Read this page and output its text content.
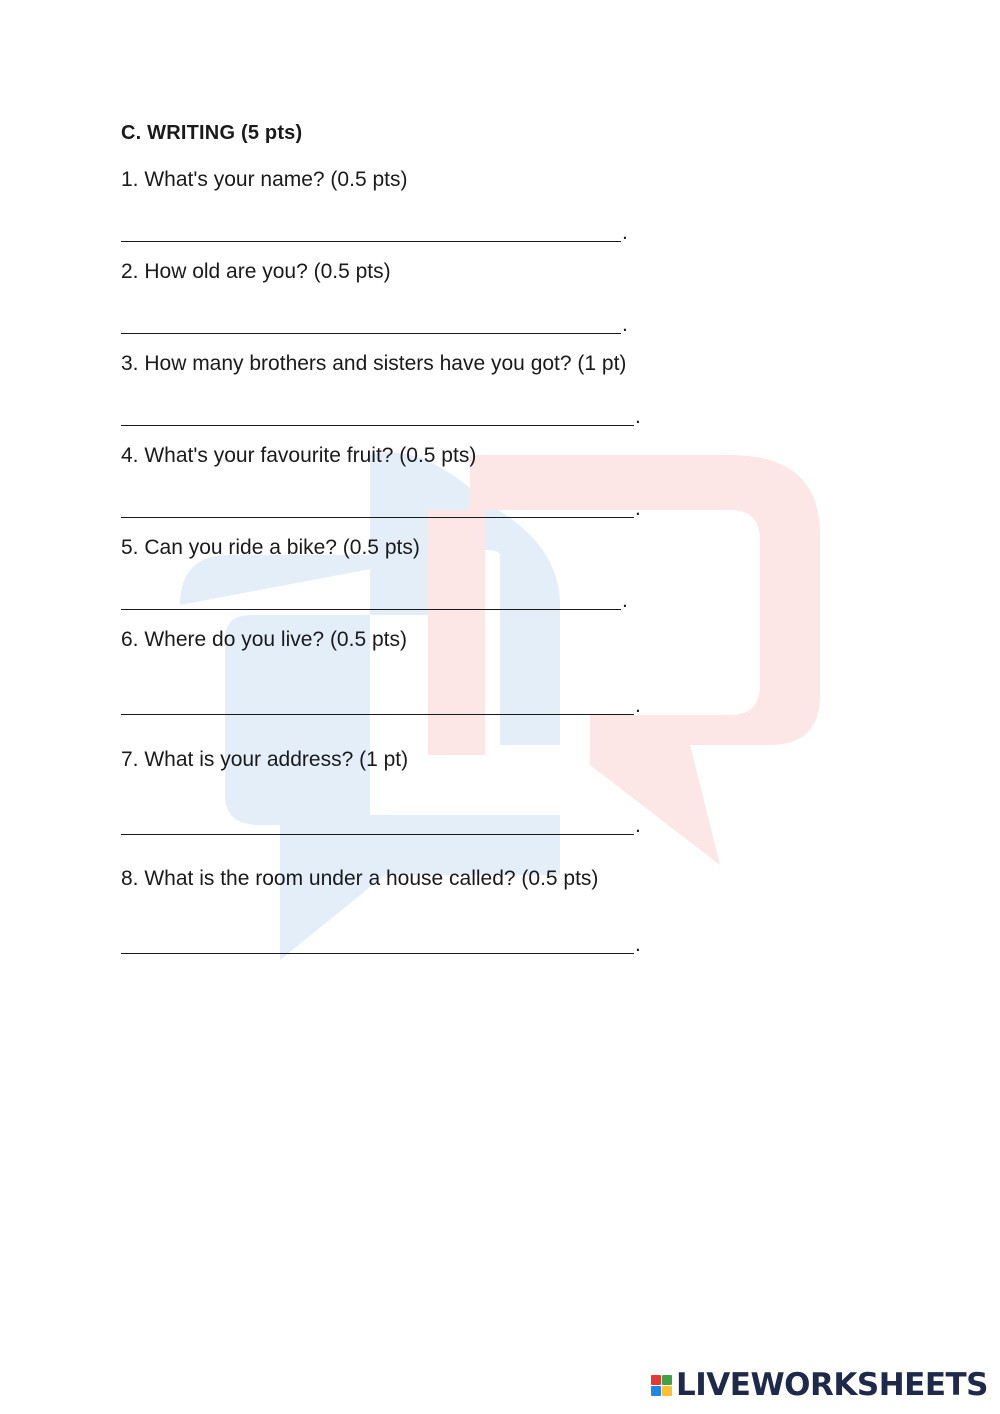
C. WRITING (5 pts)
1. What's your name? (0.5 pts)
.
2. How old are you? (0.5 pts)
.
3. How many brothers and sisters have you got? (1 pt)
.
4. What's your favourite fruit? (0.5 pts)
.
5. Can you ride a bike? (0.5 pts)
.
6. Where do you live? (0.5 pts)
.
7. What is your address? (1 pt)
.
8. What is the room under a house called? (0.5 pts)
.
LIVEWORKSHEETS
